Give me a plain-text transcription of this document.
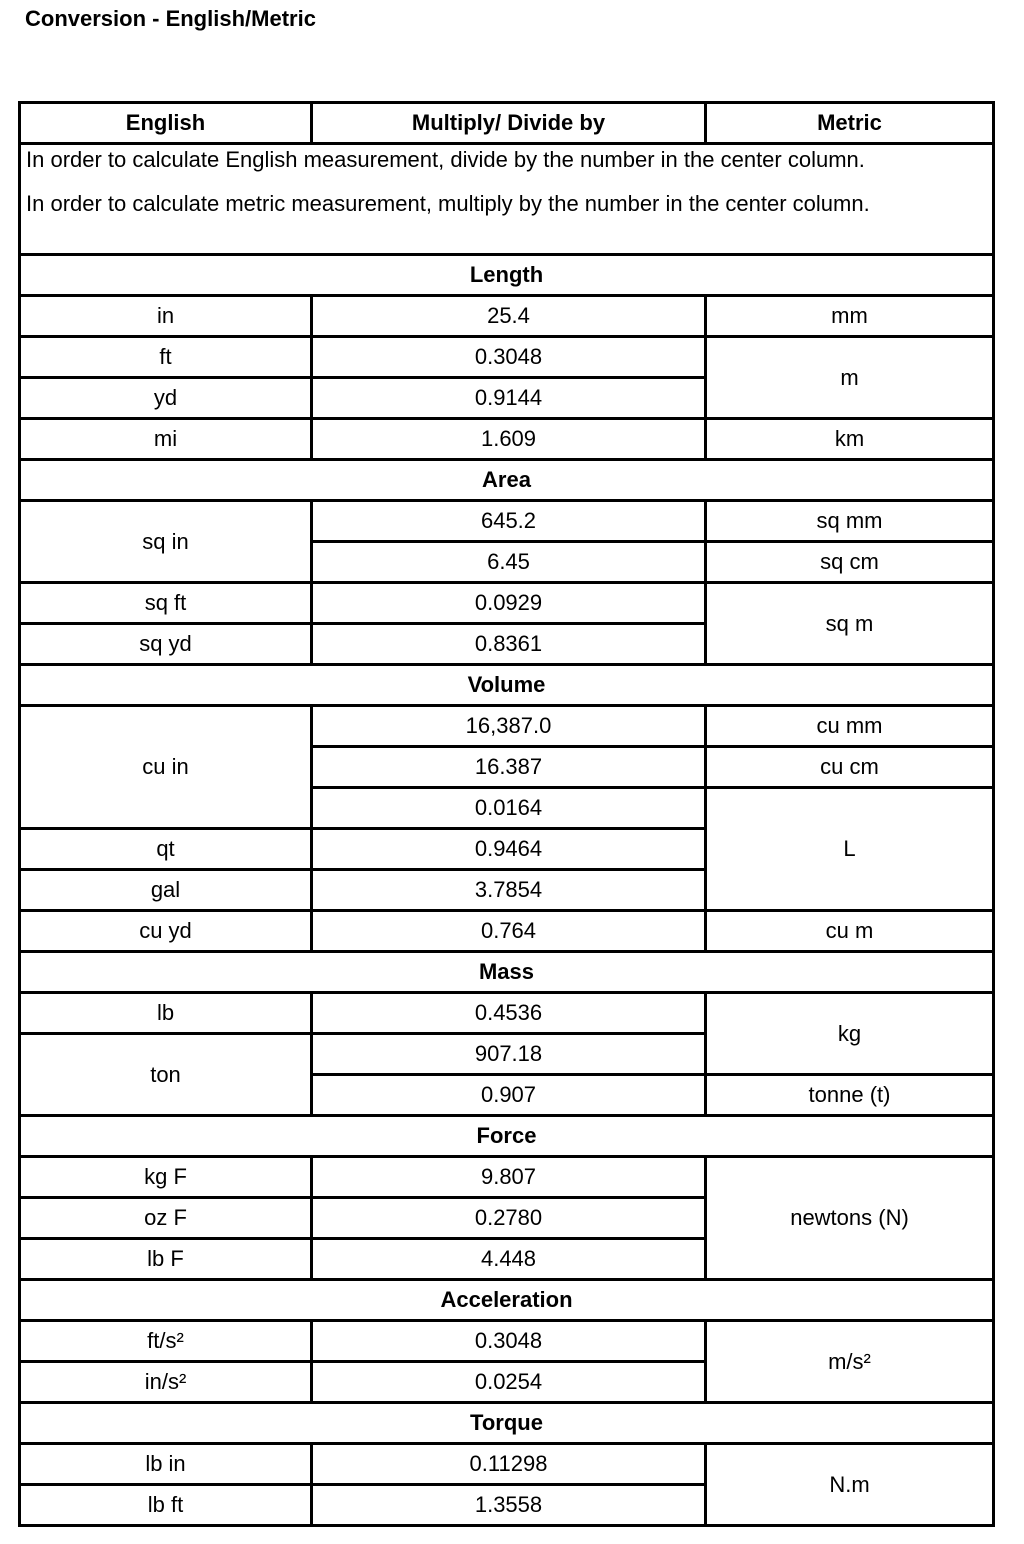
Conversion - English/Metric
English	Multiply/ Divide by	Metric

In order to calculate English measurement, divide by the number in the center column.
In order to calculate metric measurement, multiply by the number in the center column.		

Length		
in	25.4	mm
ft	0.3048	m
yd	0.9144	
mi	1.609	km
Area		
sq in	645.2	sq mm
	6.45	sq cm
sq ft	0.0929	sq m
sq yd	0.8361	
Volume		
cu in	16,387.0	cu mm
	16.387	cu cm
	0.0164	L
qt	0.9464	
gal	3.7854	
cu yd	0.764	cu m
Mass		
lb	0.4536	kg
ton	907.18	
	0.907	tonne (t)
Force		
kg F	9.807	newtons (N)
oz F	0.2780	
lb F	4.448	
Acceleration		
ft/s²	0.3048	m/s²
in/s²	0.0254	
Torque		
lb in	0.11298	N.m
lb ft	1.3558	
